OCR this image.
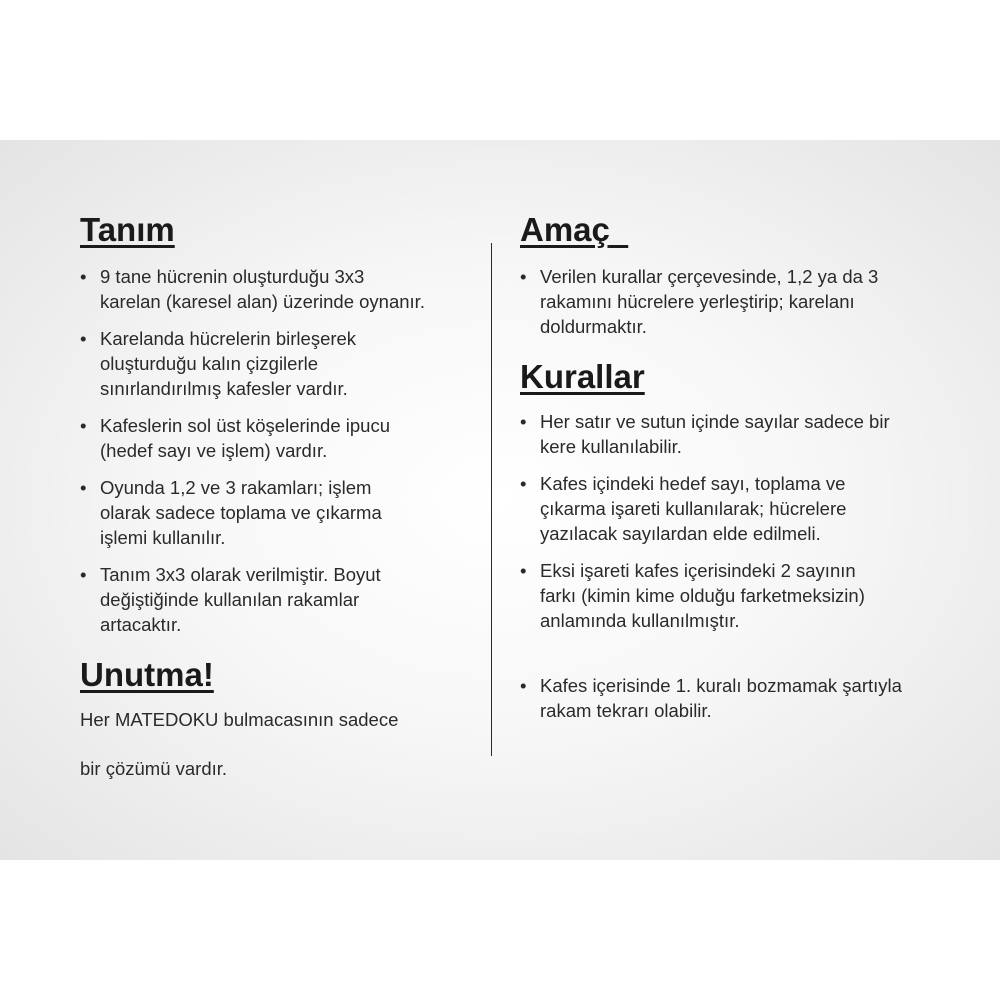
Tanım
• 9 tane hücrenin oluşturduğu 3x3 karelan (karesel alan) üzerinde oynanır.
• Karelanda hücrelerin birleşerek oluşturduğu kalın çizgilerle sınırlandırılmış kafesler vardır.
• Kafeslerin sol üst köşelerinde ipucu (hedef sayı ve işlem) vardır.
• Oyunda 1,2 ve 3 rakamları; işlem olarak sadece toplama ve çıkarma işlemi kullanılır.
• Tanım 3x3 olarak verilmiştir. Boyut değiştiğinde kullanılan rakamlar artacaktır.
Unutma!

Her MATEDOKU bulmacasının sadece

bir çözümü vardır.

Amaç
• Verilen kurallar çerçevesinde, 1,2 ya da 3 rakamını hücrelere yerleştirip; karelanı doldurmaktır.
Kurallar
• Her satır ve sutun içinde sayılar sadece bir kere kullanılabilir.
• Kafes içindeki hedef sayı, toplama ve çıkarma işareti kullanılarak; hücrelere yazılacak sayılardan elde edilmeli.
• Eksi işareti kafes içerisindeki 2 sayının farkı (kimin kime olduğu farketmeksizin) anlamında kullanılmıştır.
• Kafes içerisinde 1. kuralı bozmamak şartıyla rakam tekrarı olabilir.
